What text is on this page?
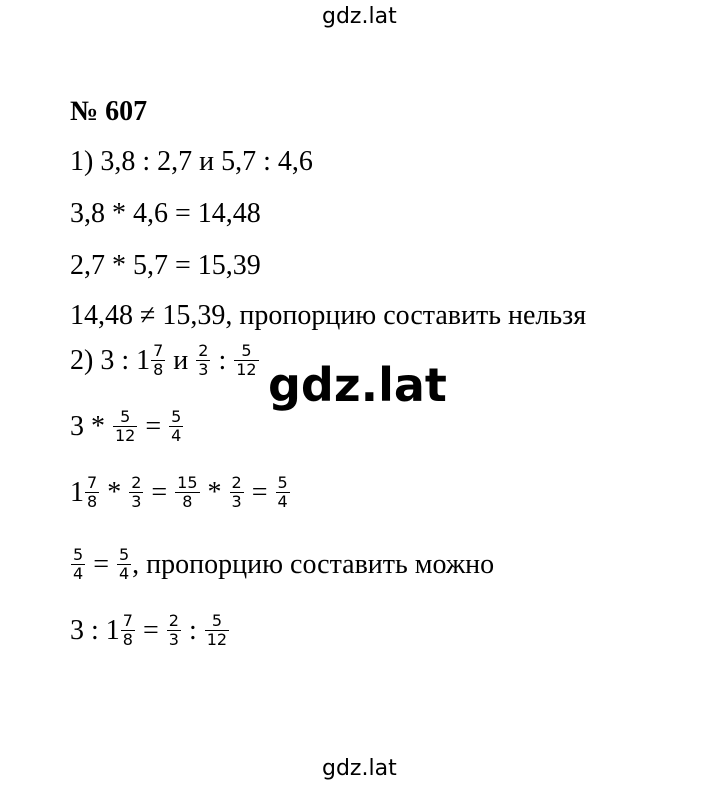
gdz.lat
№ 607
1) 3,8 : 2,7 и 5,7 : 4,6
3,8 * 4,6 = 14,48
2,7 * 5,7 = 15,39
14,48 ≠ 15,39, пропорцию составить нельзя
2) 3 : $1 \frac{7}{8}$ и $\frac{2}{3}$ : $\frac{5}{12} gdz.lat$
$3 * \frac{5}{12} = \frac{5}{4}$
$1 \frac{7}{8} * \frac{2}{3} = \frac{15}{8} * \frac{2}{3} = \frac{5}{4}$
$\frac{5}{4} = \frac{5}{4}$ , пропорцию составить можно
3 : $1 \frac{7}{8} = \frac{2}{3}$ : $\frac{5}{12}$
gdz.lat
